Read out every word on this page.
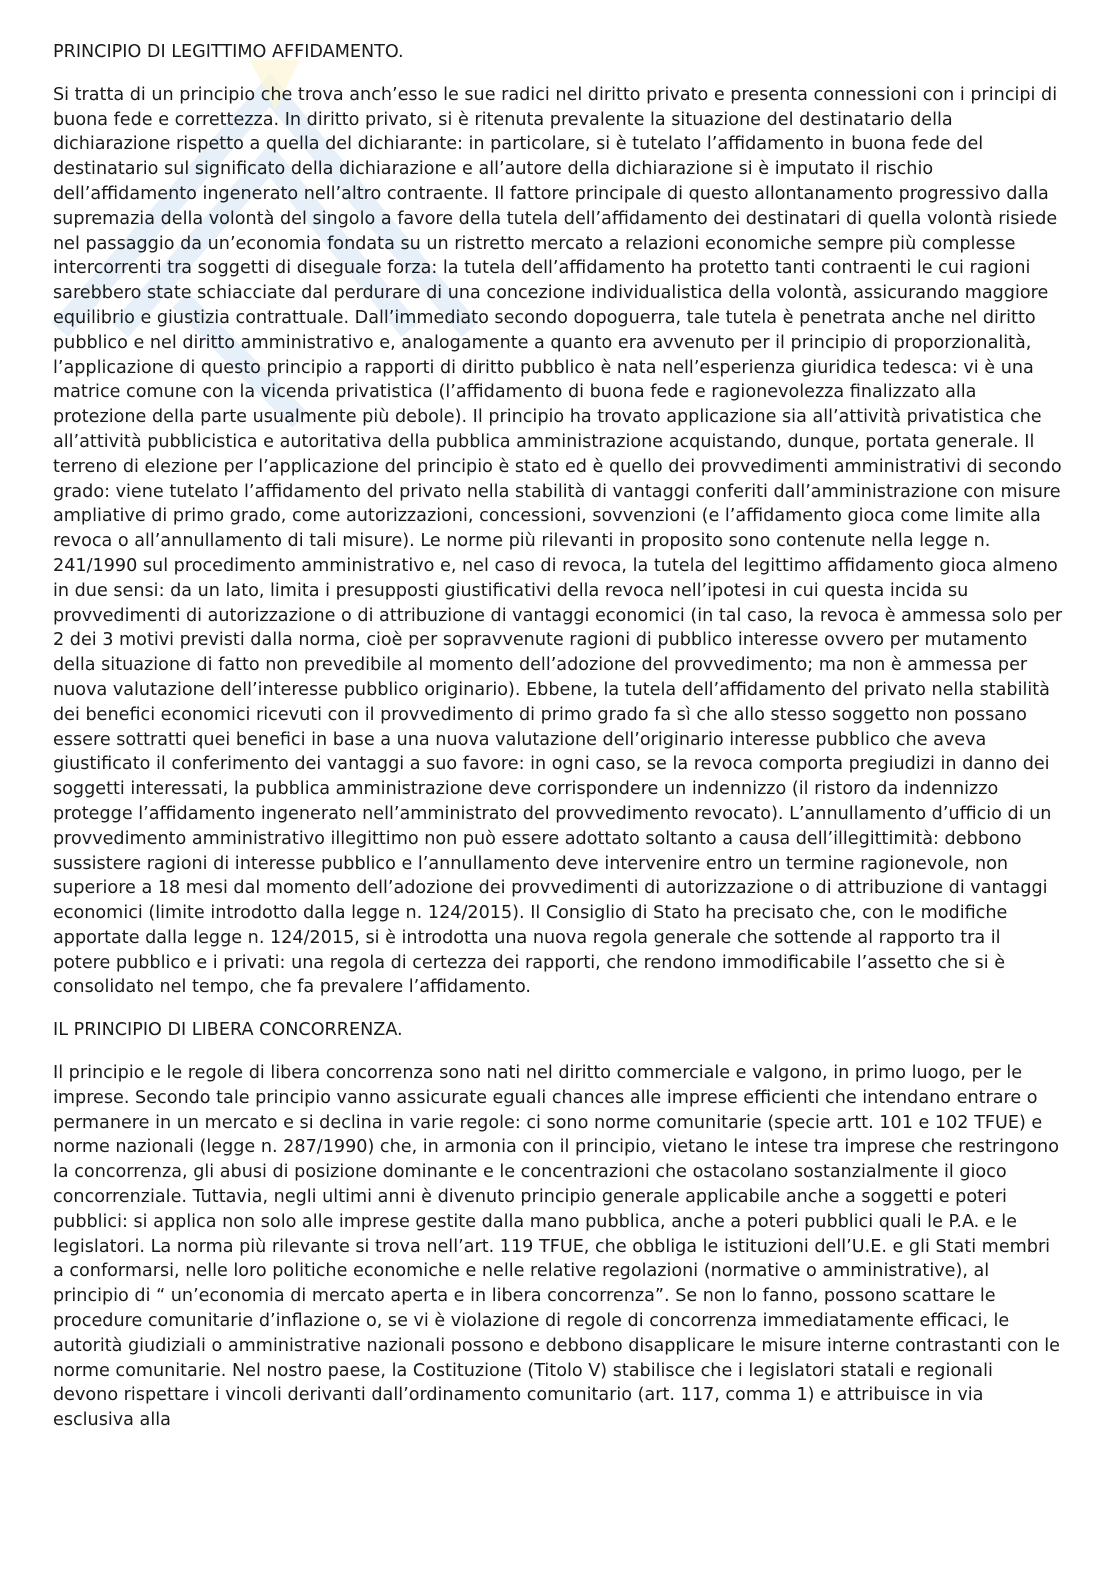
PRINCIPIO DI LEGITTIMO AFFIDAMENTO.

Si tratta di un principio che trova anch’esso le sue radici nel diritto privato e presenta connessioni con i principi di buona fede e correttezza. In diritto privato, si è ritenuta prevalente la situazione del destinatario della dichiarazione rispetto a quella del dichiarante: in particolare, si è tutelato l’affidamento in buona fede del destinatario sul significato della dichiarazione e all’autore della dichiarazione si è imputato il rischio dell’affidamento ingenerato nell’altro contraente. Il fattore principale di questo allontanamento progressivo dalla supremazia della volontà del singolo a favore della tutela dell’affidamento dei destinatari di quella volontà risiede nel passaggio da un’economia fondata su un ristretto mercato a relazioni economiche sempre più complesse intercorrenti tra soggetti di diseguale forza: la tutela dell’affidamento ha protetto tanti contraenti le cui ragioni sarebbero state schiacciate dal perdurare di una concezione individualistica della volontà, assicurando maggiore equilibrio e giustizia contrattuale. Dall’immediato secondo dopoguerra, tale tutela è penetrata anche nel diritto pubblico e nel diritto amministrativo e, analogamente a quanto era avvenuto per il principio di proporzionalità, l’applicazione di questo principio a rapporti di diritto pubblico è nata nell’esperienza giuridica tedesca: vi è una matrice comune con la vicenda privatistica (l’affidamento di buona fede e ragionevolezza finalizzato alla protezione della parte usualmente più debole). Il principio ha trovato applicazione sia all’attività privatistica che all’attività pubblicistica e autoritativa della pubblica amministrazione acquistando, dunque, portata generale. Il terreno di elezione per l’applicazione del principio è stato ed è quello dei provvedimenti amministrativi di secondo grado: viene tutelato l’affidamento del privato nella stabilità di vantaggi conferiti dall’amministrazione con misure ampliative di primo grado, come autorizzazioni, concessioni, sovvenzioni (e l’affidamento gioca come limite alla revoca o all’annullamento di tali misure). Le norme più rilevanti in proposito sono contenute nella legge n. 241/1990 sul procedimento amministrativo e, nel caso di revoca, la tutela del legittimo affidamento gioca almeno in due sensi: da un lato, limita i presupposti giustificativi della revoca nell’ipotesi in cui questa incida su provvedimenti di autorizzazione o di attribuzione di vantaggi economici (in tal caso, la revoca è ammessa solo per 2 dei 3 motivi previsti dalla norma, cioè per sopravvenute ragioni di pubblico interesse ovvero per mutamento della situazione di fatto non prevedibile al momento dell’adozione del provvedimento; ma non è ammessa per nuova valutazione dell’interesse pubblico originario). Ebbene, la tutela dell’affidamento del privato nella stabilità dei benefici economici ricevuti con il provvedimento di primo grado fa sì che allo stesso soggetto non possano essere sottratti quei benefici in base a una nuova valutazione dell’originario interesse pubblico che aveva giustificato il conferimento dei vantaggi a suo favore: in ogni caso, se la revoca comporta pregiudizi in danno dei soggetti interessati, la pubblica amministrazione deve corrispondere un indennizzo (il ristoro da indennizzo protegge l’affidamento ingenerato nell’amministrato del provvedimento revocato). L’annullamento d’ufficio di un provvedimento amministrativo illegittimo non può essere adottato soltanto a causa dell’illegittimità: debbono sussistere ragioni di interesse pubblico e l’annullamento deve intervenire entro un termine ragionevole, non superiore a 18 mesi dal momento dell’adozione dei provvedimenti di autorizzazione o di attribuzione di vantaggi economici (limite introdotto dalla legge n. 124/2015). Il Consiglio di Stato ha precisato che, con le modifiche apportate dalla legge n. 124/2015, si è introdotta una nuova regola generale che sottende al rapporto tra il potere pubblico e i privati: una regola di certezza dei rapporti, che rendono immodificabile l’assetto che si è consolidato nel tempo, che fa prevalere l’affidamento.

IL PRINCIPIO DI LIBERA CONCORRENZA.

Il principio e le regole di libera concorrenza sono nati nel diritto commerciale e valgono, in primo luogo, per le imprese. Secondo tale principio vanno assicurate eguali chances alle imprese efficienti che intendano entrare o permanere in un mercato e si declina in varie regole: ci sono norme comunitarie (specie artt. 101 e 102 TFUE) e norme nazionali (legge n. 287/1990) che, in armonia con il principio, vietano le intese tra imprese che restringono la concorrenza, gli abusi di posizione dominante e le concentrazioni che ostacolano sostanzialmente il gioco concorrenziale. Tuttavia, negli ultimi anni è divenuto principio generale applicabile anche a soggetti e poteri pubblici: si applica non solo alle imprese gestite dalla mano pubblica, anche a poteri pubblici quali le P.A. e le legislatori. La norma più rilevante si trova nell’art. 119 TFUE, che obbliga le istituzioni dell’U.E. e gli Stati membri a conformarsi, nelle loro politiche economiche e nelle relative regolazioni (normative o amministrative), al principio di “ un’economia di mercato aperta e in libera concorrenza”. Se non lo fanno, possono scattare le procedure comunitarie d’inflazione o, se vi è violazione di regole di concorrenza immediatamente efficaci, le autorità giudiziali o amministrative nazionali possono e debbono disapplicare le misure interne contrastanti con le norme comunitarie. Nel nostro paese, la Costituzione (Titolo V) stabilisce che i legislatori statali e regionali devono rispettare i vincoli derivanti dall’ordinamento comunitario (art. 117, comma 1) e attribuisce in via esclusiva alla
